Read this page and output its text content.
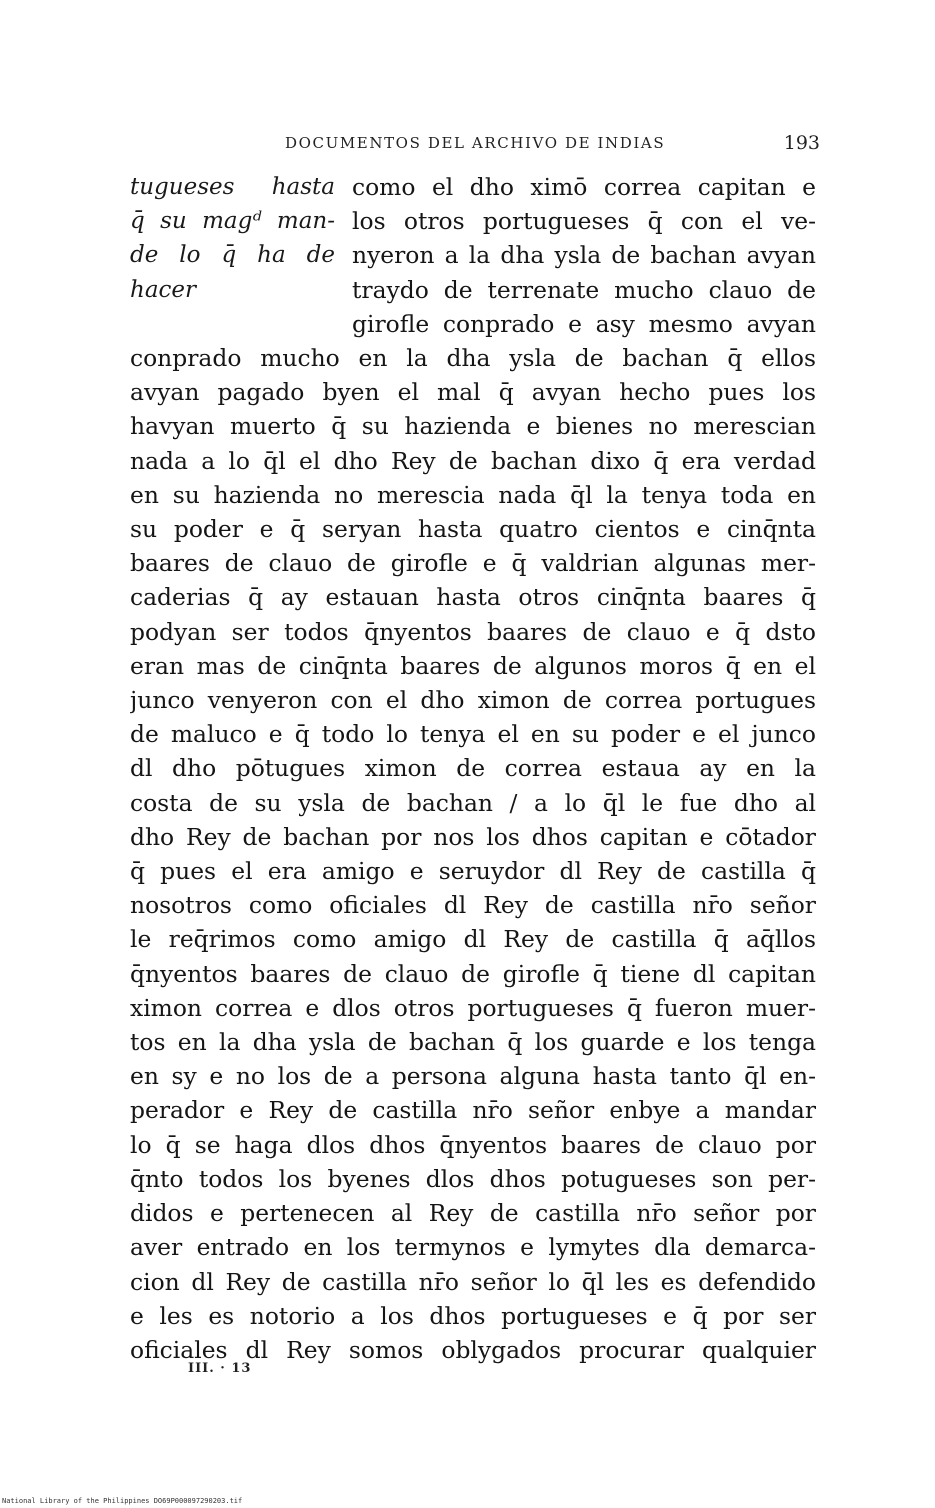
DOCUMENTOS DEL ARCHIVO DE INDIAS	193
tugueses hasta
q̄ su magᵈ man-
de lo q̄ ha de
hacer
como el dho ximō correa capitan e
los otros portugueses q̄ con el ve-
nyeron a la dha ysla de bachan avyan
traydo de terrenate mucho clauo de
girofle conprado e asy mesmo avyan
conprado mucho en la dha ysla de bachan q̄ ellos
avyan pagado byen el mal q̄ avyan hecho pues los
havyan muerto q̄ su hazienda e bienes no merescian
nada a lo q̄l el dho Rey de bachan dixo q̄ era verdad
en su hazienda no merescia nada q̄l la tenya toda en
su poder e q̄ seryan hasta quatro cientos e cinq̄nta
baares de clauo de girofle e q̄ valdrian algunas mer-
caderias q̄ ay estauan hasta otros cinq̄nta baares q̄
podyan ser todos q̄nyentos baares de clauo e q̄ dsto
eran mas de cinq̄nta baares de algunos moros q̄ en el
junco venyeron con el dho ximon de correa portugues
de maluco e q̄ todo lo tenya el en su poder e el junco
dl dho pōtugues ximon de correa estaua ay en la
costa de su ysla de bachan / a lo q̄l le fue dho al
dho Rey de bachan por nos los dhos capitan e cōtador
q̄ pues el era amigo e seruydor dl Rey de castilla q̄
nosotros como oficiales dl Rey de castilla nr̄o señor
le req̄rimos como amigo dl Rey de castilla q̄ aq̄llos
q̄nyentos baares de clauo de girofle q̄ tiene dl capitan
ximon correa e dlos otros portugueses q̄ fueron muer-
tos en la dha ysla de bachan q̄ los guarde e los tenga
en sy e no los de a persona alguna hasta tanto q̄l en-
perador e Rey de castilla nr̄o señor enbye a mandar
lo q̄ se haga dlos dhos q̄nyentos baares de clauo por
q̄nto todos los byenes dlos dhos potugueses son per-
didos e pertenecen al Rey de castilla nr̄o señor por
aver entrado en los termynos e lymytes dla demarca-
cion dl Rey de castilla nr̄o señor lo q̄l les es defendido
e les es notorio a los dhos portugueses e q̄ por ser
oficiales dl Rey somos oblygados procurar qualquier
III. · 13
National Library of the Philippines DO69P000097290203.tif
